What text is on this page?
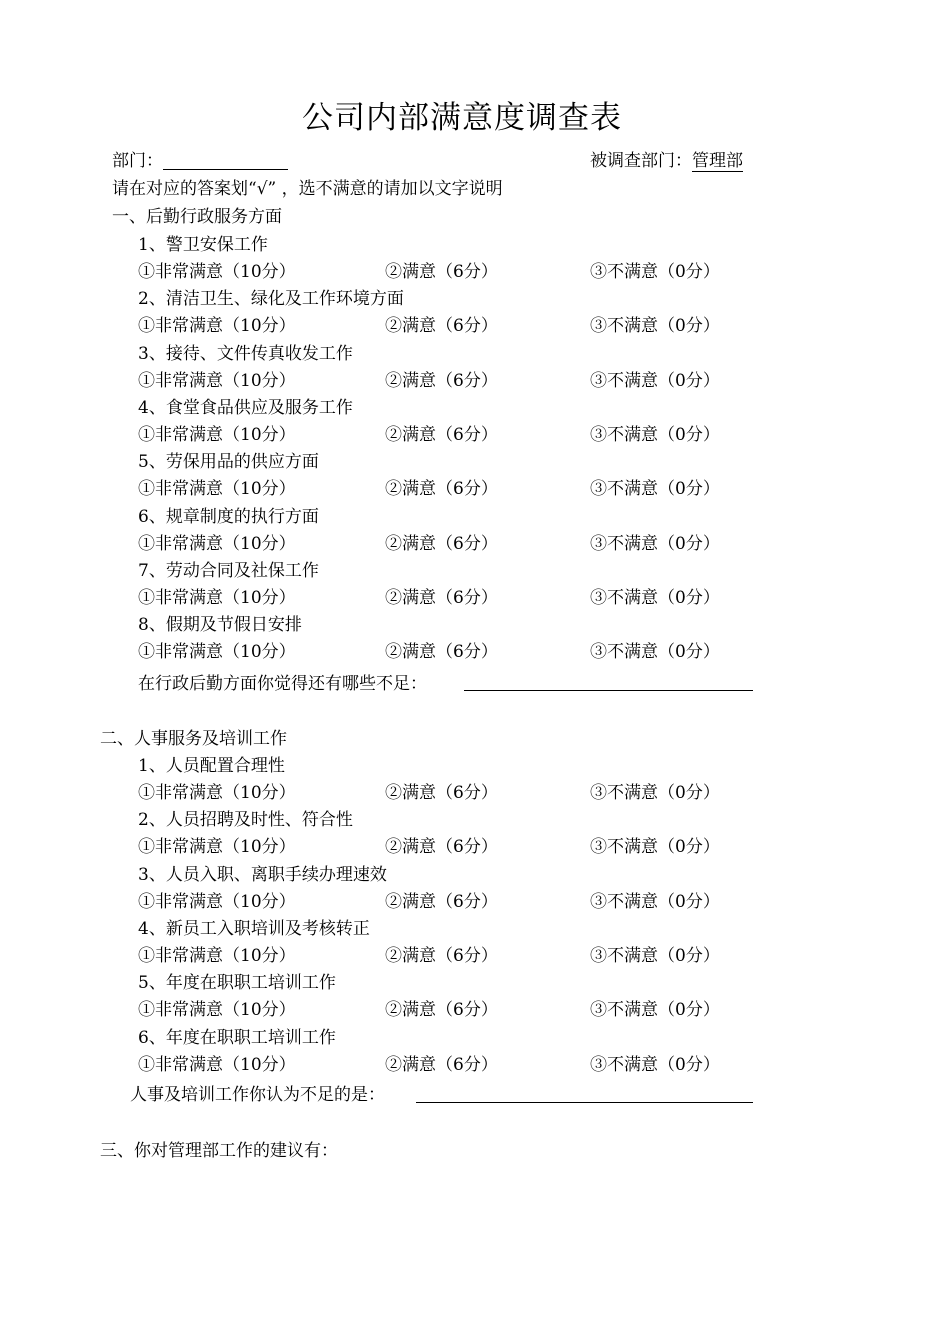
公司内部满意度调查表
部门：	被调查部门：管理部
请在对应的答案划“√” ，选不满意的请加以文字说明
一、后勤行政服务方面
1、警卫安保工作
①非常满意（10分）	②满意（6分）	③不满意（0分）
2、清洁卫生、绿化及工作环境方面
①非常满意（10分）	②满意（6分）	③不满意（0分）
3、接待、文件传真收发工作
①非常满意（10分）	②满意（6分）	③不满意（0分）
4、食堂食品供应及服务工作
①非常满意（10分）	②满意（6分）	③不满意（0分）
5、劳保用品的供应方面
①非常满意（10分）	②满意（6分）	③不满意（0分）
6、规章制度的执行方面
①非常满意（10分）	②满意（6分）	③不满意（0分）
7、劳动合同及社保工作
①非常满意（10分）	②满意（6分）	③不满意（0分）
8、假期及节假日安排
①非常满意（10分）	②满意（6分）	③不满意（0分）
在行政后勤方面你觉得还有哪些不足：
二、人事服务及培训工作
1、人员配置合理性
①非常满意（10分）	②满意（6分）	③不满意（0分）
2、人员招聘及时性、符合性
①非常满意（10分）	②满意（6分）	③不满意（0分）
3、人员入职、离职手续办理速效
①非常满意（10分）	②满意（6分）	③不满意（0分）
4、新员工入职培训及考核转正
①非常满意（10分）	②满意（6分）	③不满意（0分）
5、年度在职职工培训工作
①非常满意（10分）	②满意（6分）	③不满意（0分）
6、年度在职职工培训工作
①非常满意（10分）	②满意（6分）	③不满意（0分）
人事及培训工作你认为不足的是：
三、你对管理部工作的建议有：
